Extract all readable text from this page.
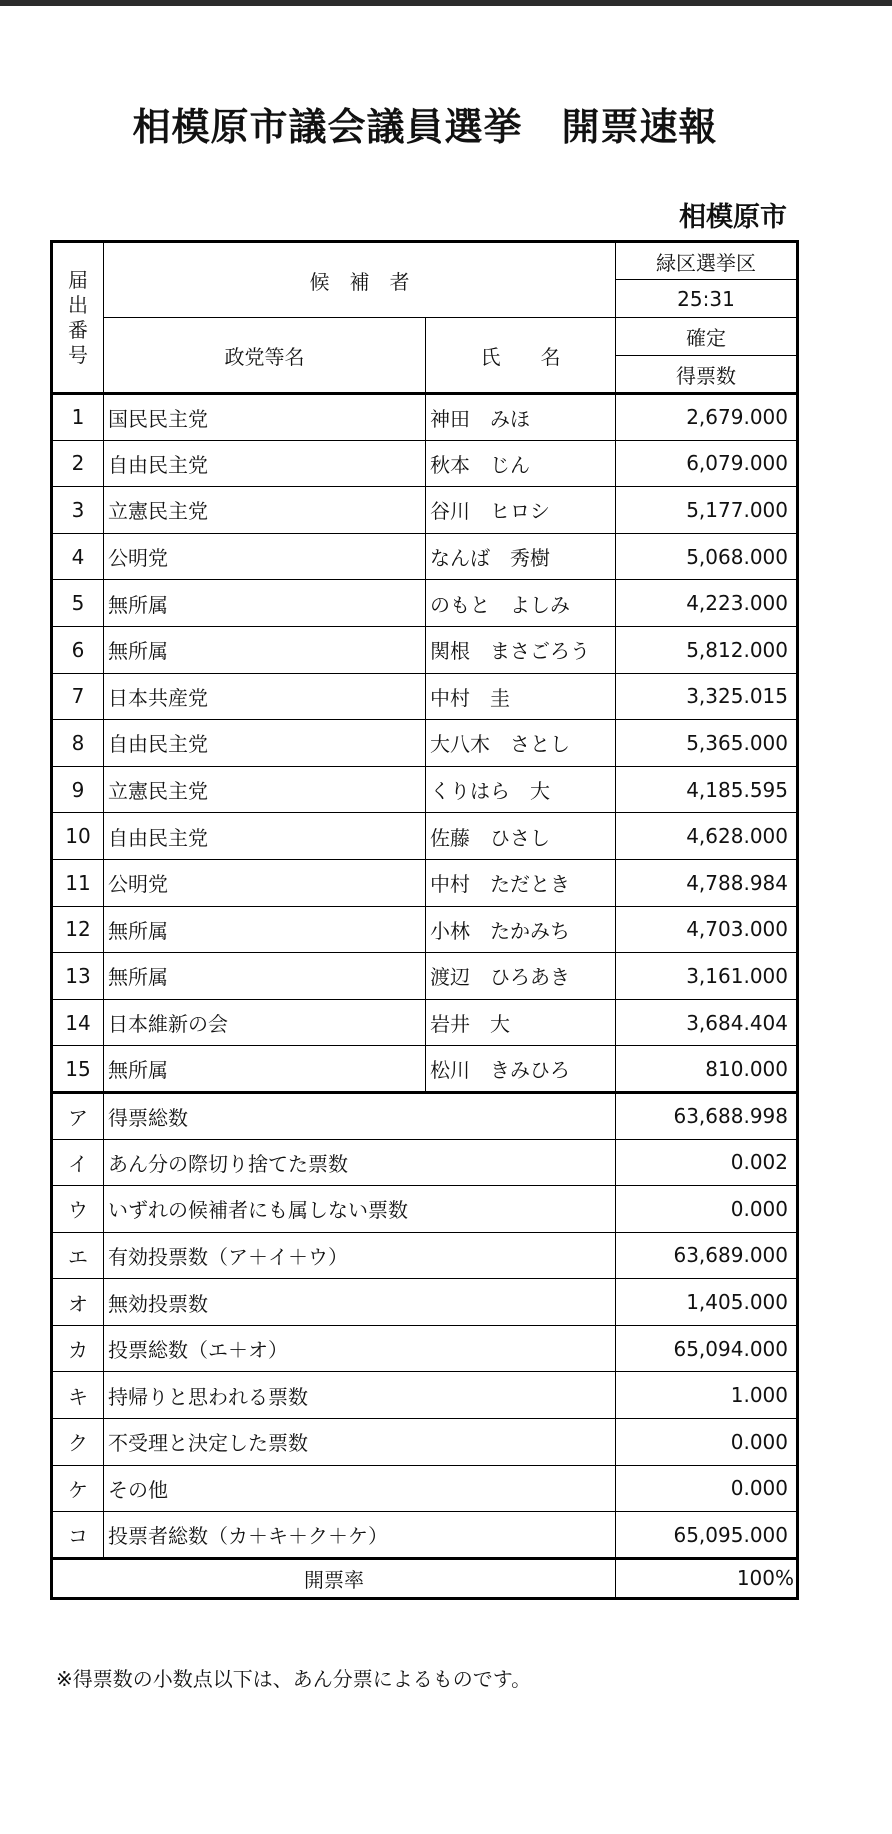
相模原市議会議員選挙　開票速報
相模原市
届
出
番
号	候　補　者		緑区選挙区
			25:31
	政党等名	氏　　名	確定
			得票数
1	国民民主党	神田　みほ	2,679.000
2	自由民主党	秋本　じん	6,079.000
3	立憲民主党	谷川　ヒロシ	5,177.000
4	公明党	なんば　秀樹	5,068.000
5	無所属	のもと　よしみ	4,223.000
6	無所属	関根　まさごろう	5,812.000
7	日本共産党	中村　圭	3,325.015
8	自由民主党	大八木　さとし	5,365.000
9	立憲民主党	くりはら　大	4,185.595
10	自由民主党	佐藤　ひさし	4,628.000
11	公明党	中村　ただとき	4,788.984
12	無所属	小林　たかみち	4,703.000
13	無所属	渡辺　ひろあき	3,161.000
14	日本維新の会	岩井　大	3,684.404
15	無所属	松川　きみひろ	810.000
ア	得票総数		63,688.998
イ	あん分の際切り捨てた票数		0.002
ウ	いずれの候補者にも属しない票数		0.000
エ	有効投票数（ア＋イ＋ウ）		63,689.000
オ	無効投票数		1,405.000
カ	投票総数（エ＋オ）		65,094.000
キ	持帰りと思われる票数		1.000
ク	不受理と決定した票数		0.000
ケ	その他		0.000
コ	投票者総数（カ＋キ＋ク＋ケ）		65,095.000
開票率			100%
※得票数の小数点以下は、あん分票によるものです。
